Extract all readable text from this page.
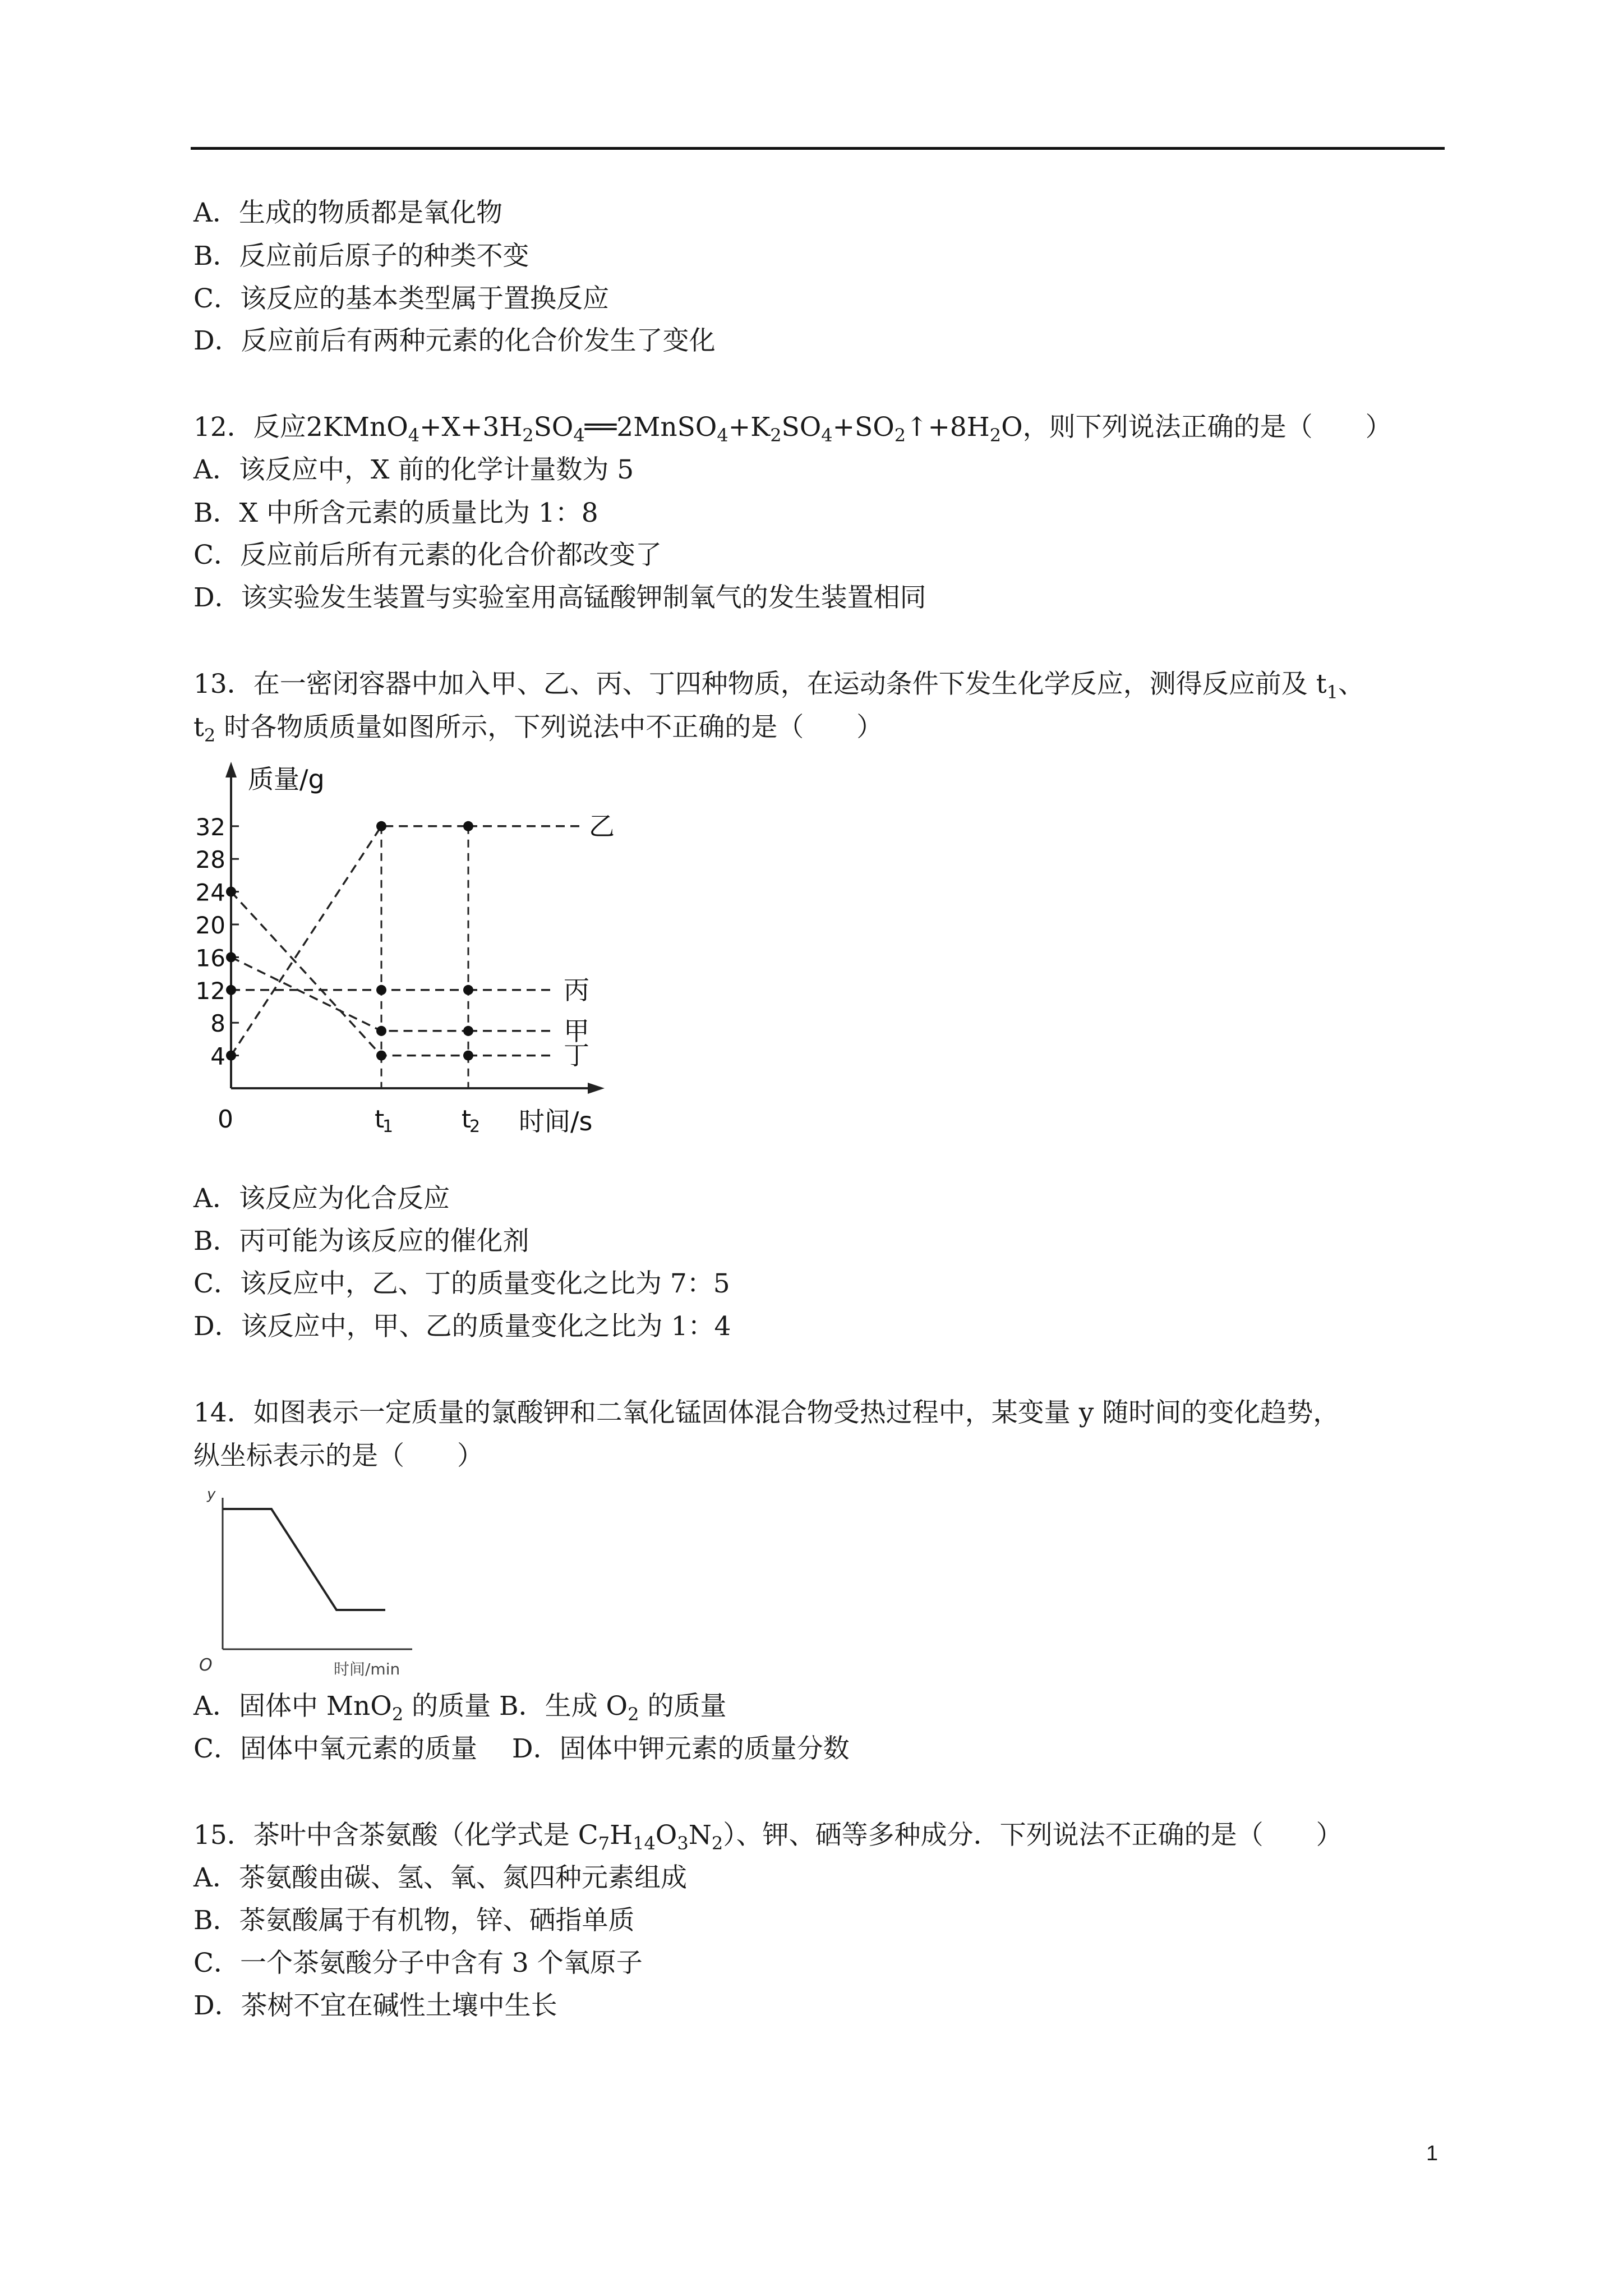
A．生成的物质都是氧化物
B．反应前后原子的种类不变
C．该反应的基本类型属于置换反应
D．反应前后有两种元素的化合价发生了变化
12．反应$2KMnO_4+X+3H_2SO_4══2MnSO_4+K_2SO_4+SO_2↑+8H_2O$，则下列说法正确的是（　　）
A．该反应中，X 前的化学计量数为 5
B．X 中所含元素的质量比为 1：8
C．反应前后所有元素的化合价都改变了
D．该实验发生装置与实验室用高锰酸钾制氧气的发生装置相同
13．在一密闭容器中加入甲、乙、丙、丁四种物质，在运动条件下发生化学反应，测得反应前及 $t_1$、
$t_2$ 时各物质质量如图所示，下列说法中不正确的是（　　）
4
8
12
16
20
24
28
32
质量/g
0	t
1	t
2 时间/s
乙
丙
甲
丁
A．该反应为化合反应
B．丙可能为该反应的催化剂
C．该反应中，乙、丁的质量变化之比为 7：5
D．该反应中，甲、乙的质量变化之比为 1：4
14．如图表示一定质量的氯酸钾和二氧化锰固体混合物受热过程中，某变量 y 随时间的变化趋势，
纵坐标表示的是（　　）
y
O	时间/min
A．固体中 MnO$_2$ 的质量 B．生成 $O_2$ 的质量
C．固体中氧元素的质量　 D．固体中钾元素的质量分数
15．茶叶中含茶氨酸（化学式是 $C_7H_{14}O_3N_2$）、钾、硒等多种成分．下列说法不正确的是（　　）
A．茶氨酸由碳、氢、氧、氮四种元素组成
B．茶氨酸属于有机物，锌、硒指单质
C．一个茶氨酸分子中含有 3 个氧原子
D．茶树不宜在碱性土壤中生长
1
